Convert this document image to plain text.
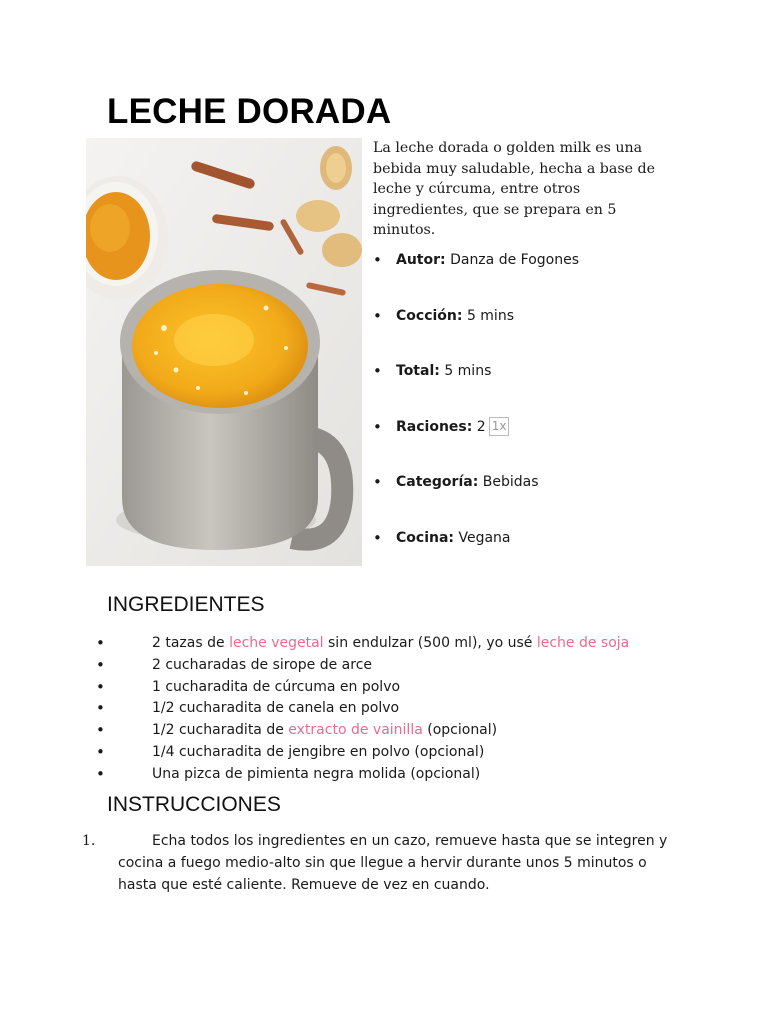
LECHE DORADA
La leche dorada o golden milk es una bebida muy saludable, hecha a base de leche y cúrcuma, entre otros ingredientes, que se prepara en 5 minutos.
• Autor: Danza de Fogones
• Cocción: 5 mins
• Total: 5 mins
• Raciones: 2 1x
• Categoría: Bebidas
• Cocina: Vegana
INGREDIENTES
• 2 tazas de leche vegetal sin endulzar (500 ml), yo usé leche de soja
• 2 cucharadas de sirope de arce
• 1 cucharadita de cúrcuma en polvo
• 1/2 cucharadita de canela en polvo
• 1/2 cucharadita de extracto de vainilla (opcional)
• 1/4 cucharadita de jengibre en polvo (opcional)
• Una pizca de pimienta negra molida (opcional)
INSTRUCCIONES
1.	Echa todos los ingredientes en un cazo, remueve hasta que se integren y cocina a fuego medio-alto sin que llegue a hervir durante unos 5 minutos o hasta que esté caliente. Remueve de vez en cuando.
